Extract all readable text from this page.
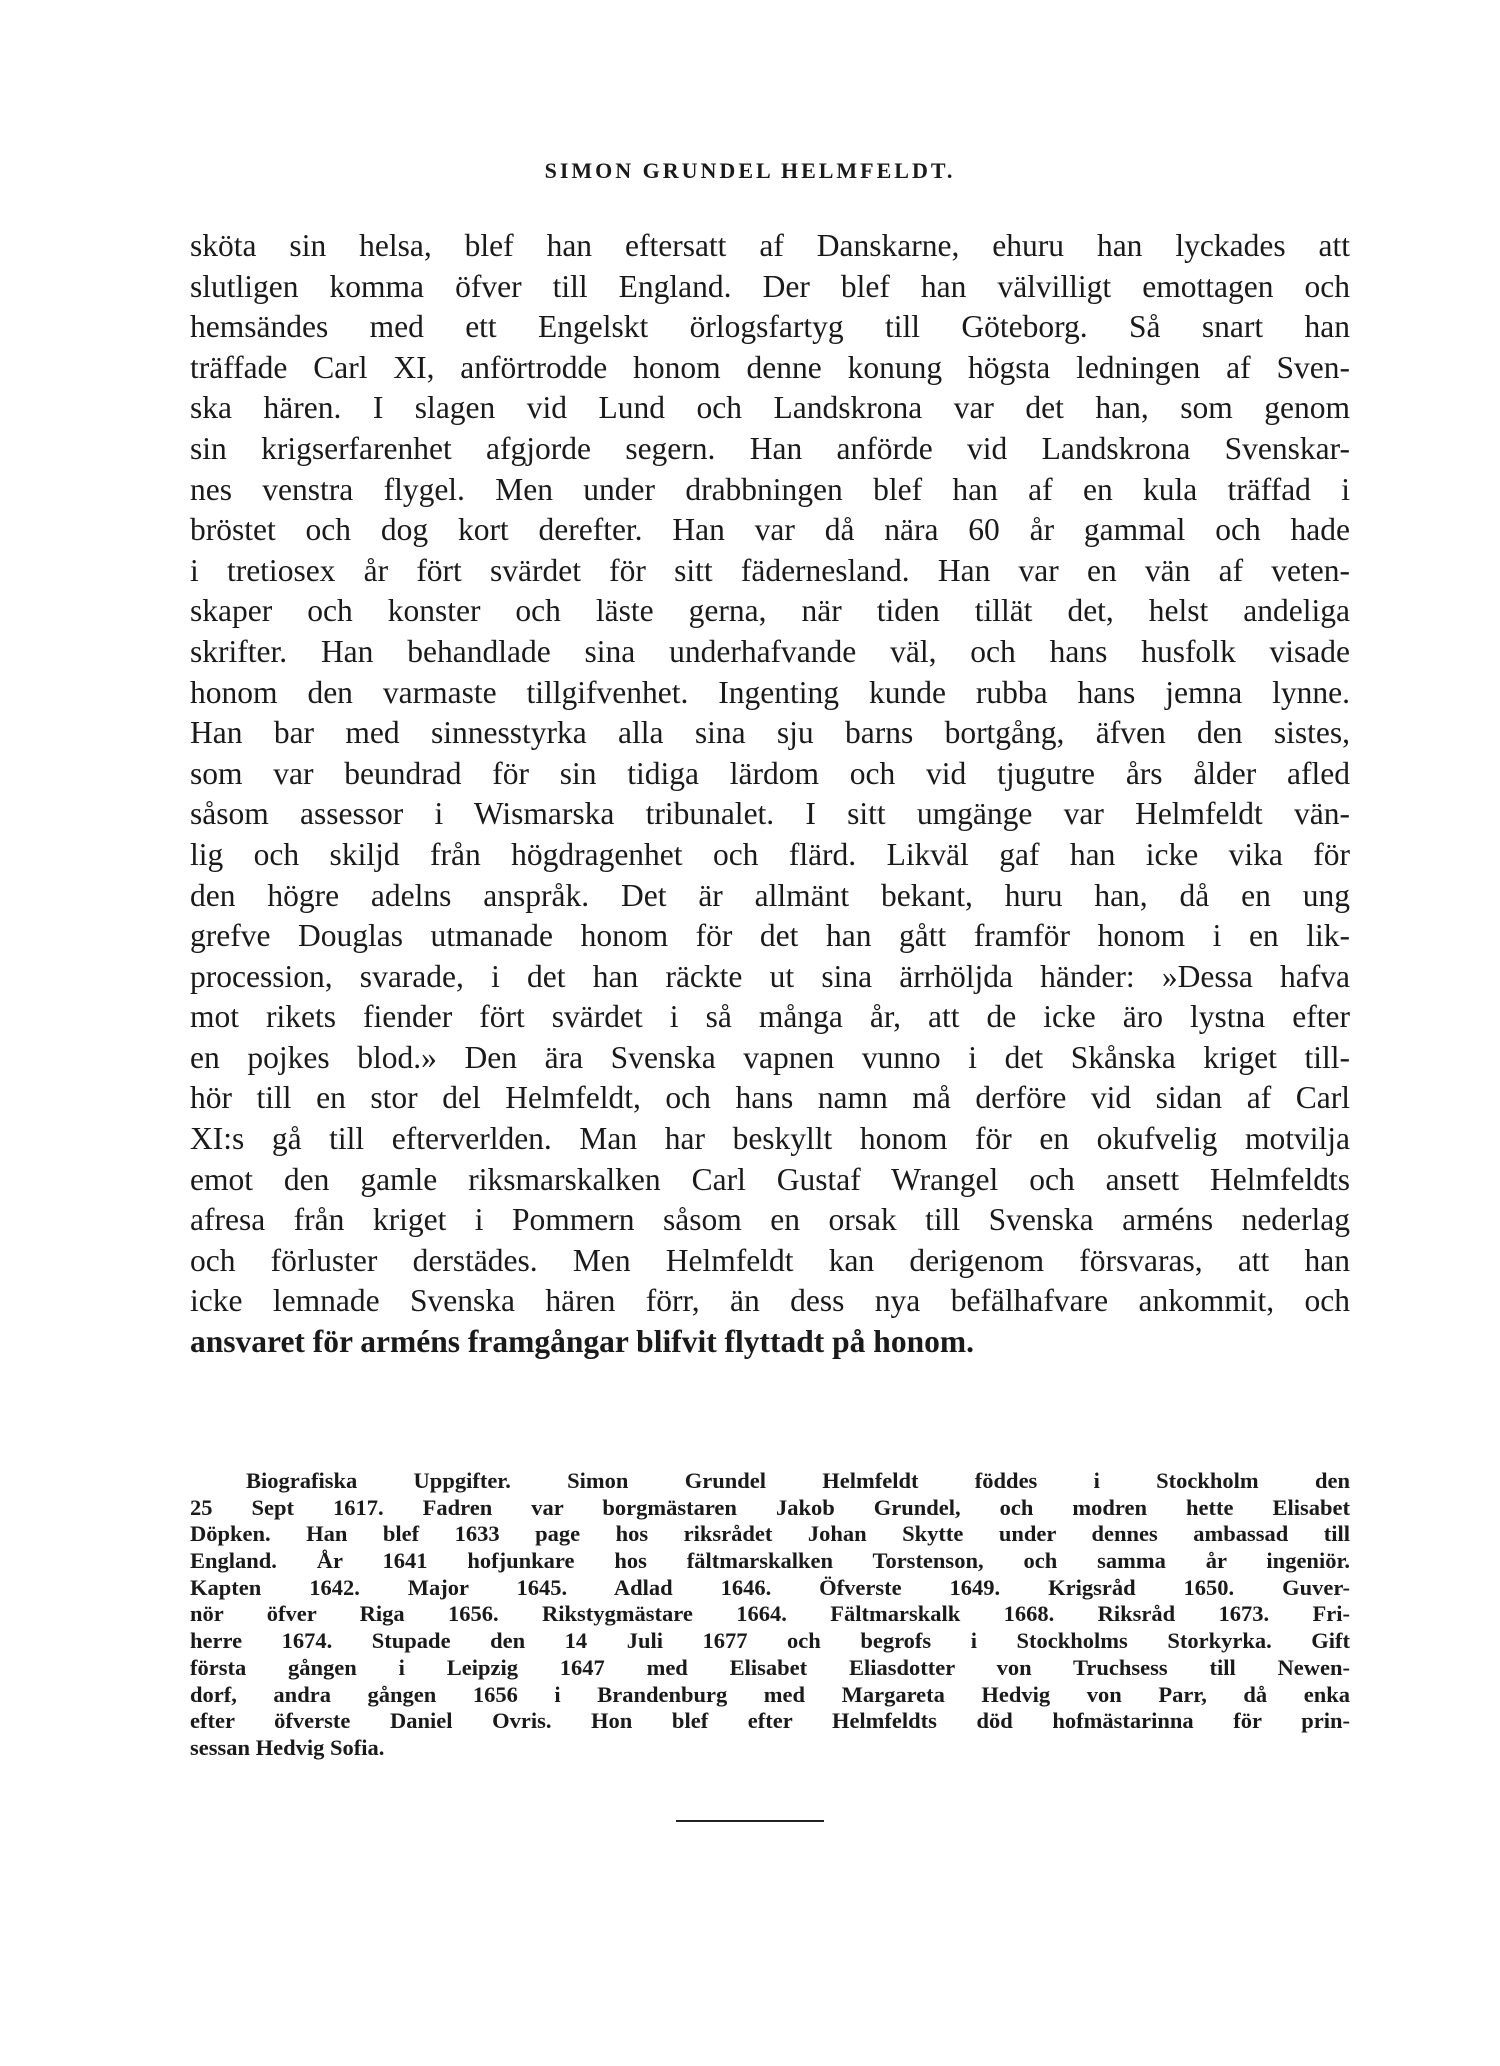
SIMON GRUNDEL HELMFELDT.
sköta sin helsa, blef han eftersatt af Danskarne, ehuru han lyckades att
slutligen komma öfver till England. Der blef han välvilligt emottagen och
hemsändes med ett Engelskt örlogsfartyg till Göteborg. Så snart han
träffade Carl XI, anförtrodde honom denne konung högsta ledningen af Sven-
ska hären. I slagen vid Lund och Landskrona var det han, som genom
sin krigserfarenhet afgjorde segern. Han anförde vid Landskrona Svenskar-
nes venstra flygel. Men under drabbningen blef han af en kula träffad i
bröstet och dog kort derefter. Han var då nära 60 år gammal och hade
i tretiosex år fört svärdet för sitt fädernesland. Han var en vän af veten-
skaper och konster och läste gerna, när tiden tillät det, helst andeliga
skrifter. Han behandlade sina underhafvande väl, och hans husfolk visade
honom den varmaste tillgifvenhet. Ingenting kunde rubba hans jemna lynne.
Han bar med sinnesstyrka alla sina sju barns bortgång, äfven den sistes,
som var beundrad för sin tidiga lärdom och vid tjugutre års ålder afled
såsom assessor i Wismarska tribunalet. I sitt umgänge var Helmfeldt vän-
lig och skiljd från högdragenhet och flärd. Likväl gaf han icke vika för
den högre adelns anspråk. Det är allmänt bekant, huru han, då en ung
grefve Douglas utmanade honom för det han gått framför honom i en lik-
procession, svarade, i det han räckte ut sina ärrhöljda händer: »Dessa hafva
mot rikets fiender fört svärdet i så många år, att de icke äro lystna efter
en pojkes blod.» Den ära Svenska vapnen vunno i det Skånska kriget till-
hör till en stor del Helmfeldt, och hans namn må derföre vid sidan af Carl
XI:s gå till efterverlden. Man har beskyllt honom för en okufvelig motvilja
emot den gamle riksmarskalken Carl Gustaf Wrangel och ansett Helmfeldts
afresa från kriget i Pommern såsom en orsak till Svenska arméns nederlag
och förluster derstädes. Men Helmfeldt kan derigenom försvaras, att han
icke lemnade Svenska hären förr, än dess nya befälhafvare ankommit, och
ansvaret för arméns framgångar blifvit flyttadt på honom.
Biografiska Uppgifter. Simon Grundel Helmfeldt föddes i Stockholm den
25 Sept 1617. Fadren var borgmästaren Jakob Grundel, och modren hette Elisabet
Döpken. Han blef 1633 page hos riksrådet Johan Skytte under dennes ambassad till
England. År 1641 hofjunkare hos fältmarskalken Torstenson, och samma år ingeniör.
Kapten 1642. Major 1645. Adlad 1646. Öfverste 1649. Krigsråd 1650. Guver-
nör öfver Riga 1656. Rikstygmästare 1664. Fältmarskalk 1668. Riksråd 1673. Fri-
herre 1674. Stupade den 14 Juli 1677 och begrofs i Stockholms Storkyrka. Gift
första gången i Leipzig 1647 med Elisabet Eliasdotter von Truchsess till Newen-
dorf, andra gången 1656 i Brandenburg med Margareta Hedvig von Parr, då enka
efter öfverste Daniel Ovris. Hon blef efter Helmfeldts död hofmästarinna för prin-
sessan Hedvig Sofia.
